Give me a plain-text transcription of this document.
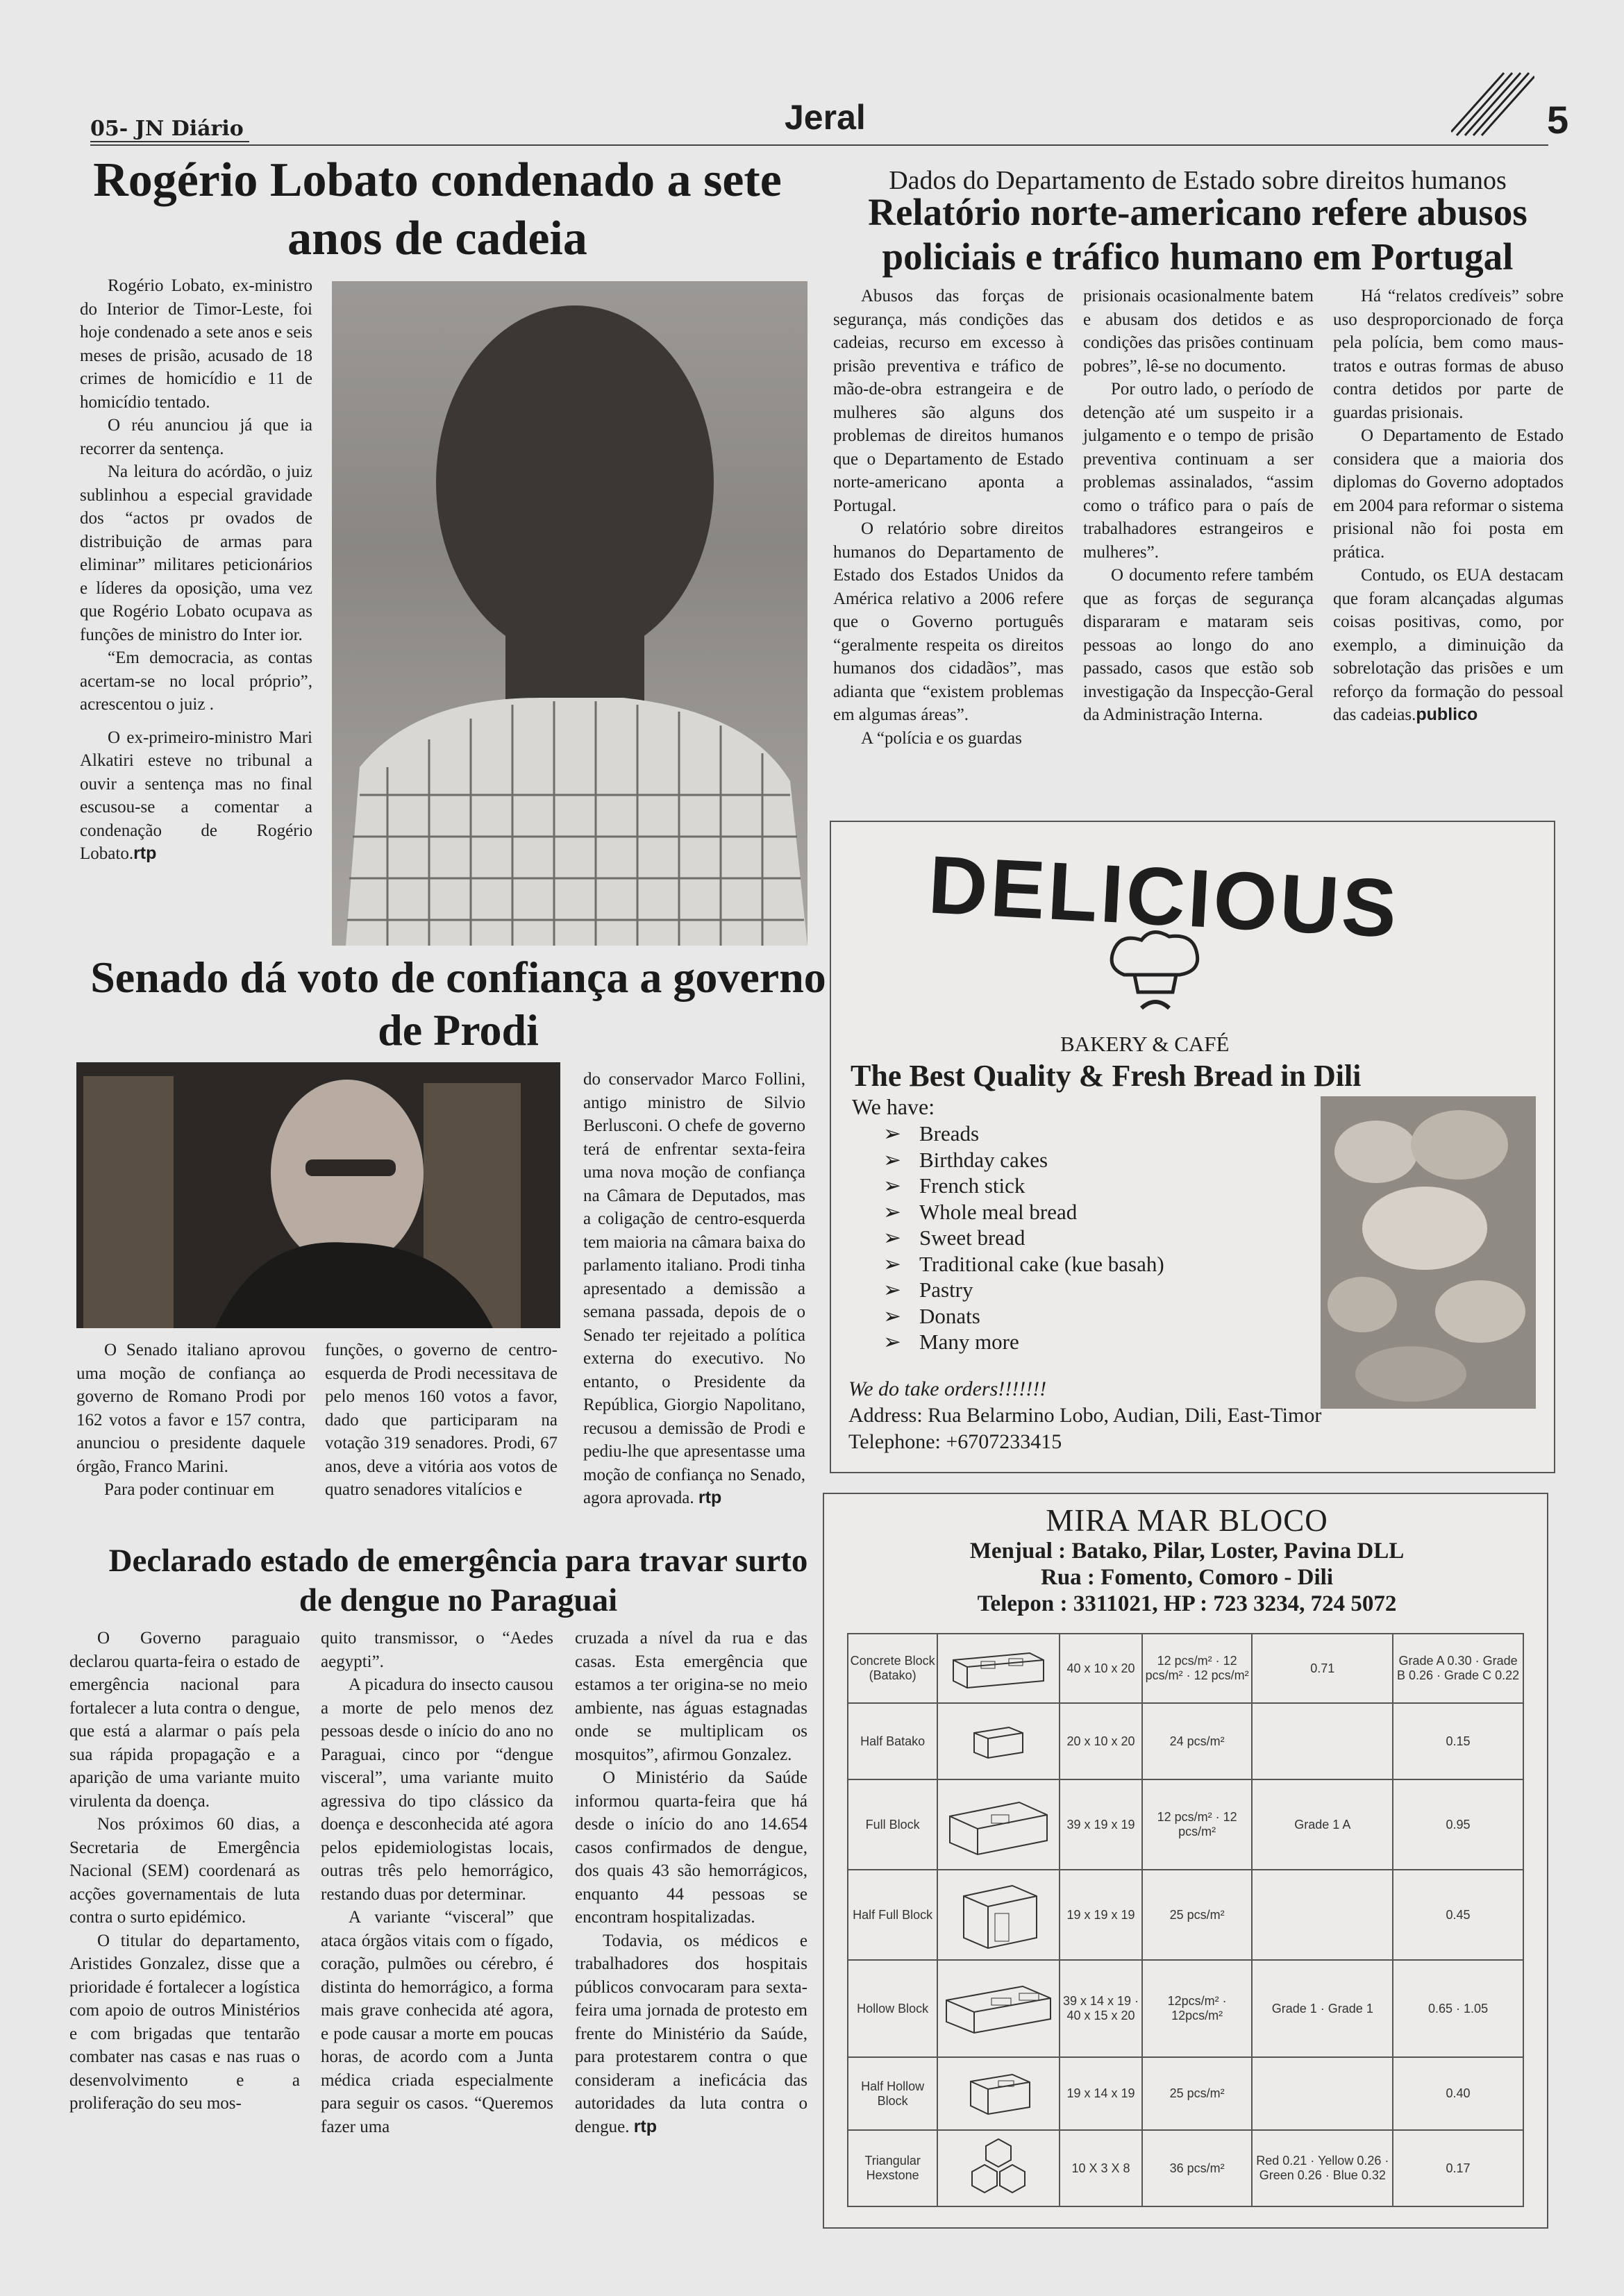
05- JN Diário	Jeral	5
Rogério Lobato condenado a sete anos de cadeia

Rogério Lobato, ex-ministro do Interior de Timor-Leste, foi hoje condenado a sete anos e seis meses de prisão, acusado de 18 crimes de homicídio e 11 de homicídio tentado.

O réu anunciou já que ia recorrer da sentença.

Na leitura do acórdão, o juiz sublinhou a especial gravidade dos “actos pr ovados de distribuição de armas para eliminar” militares peticionários e líderes da oposição, uma vez que Rogério Lobato ocupava as funções de ministro do Inter ior.

“Em democracia, as contas acertam-se no local próprio”, acrescentou o juiz .

O ex-primeiro-ministro Mari Alkatiri esteve no tribunal a ouvir a sentença mas no final escusou-se a comentar a condenação de Rogério Lobato.rtp

Dados do Departamento de Estado sobre direitos humanos
Relatório norte-americano refere abusos policiais e tráfico humano em Portugal

Abusos das forças de segurança, más condições das cadeias, recurso em excesso à prisão preventiva e tráfico de mão-de-obra estrangeira e de mulheres são alguns dos problemas de direitos humanos que o Departamento de Estado norte-americano aponta a Portugal.

O relatório sobre direitos humanos do Departamento de Estado dos Estados Unidos da América relativo a 2006 refere que o Governo português “geralmente respeita os direitos humanos dos cidadãos”, mas adianta que “existem problemas em algumas áreas”.

A “polícia e os guardas

prisionais ocasionalmente batem e abusam dos detidos e as condições das prisões continuam pobres”, lê-se no documento.

Por outro lado, o período de detenção até um suspeito ir a julgamento e o tempo de prisão preventiva continuam a ser problemas assinalados, “assim como o tráfico para o país de trabalhadores estrangeiros e mulheres”.

O documento refere também que as forças de segurança dispararam e mataram seis pessoas ao longo do ano passado, casos que estão sob investigação da Inspecção-Geral da Administração Interna.

Há “relatos credíveis” sobre uso desproporcionado de força pela polícia, bem como maus-tratos e outras formas de abuso contra detidos por parte de guardas prisionais.

O Departamento de Estado considera que a maioria dos diplomas do Governo adoptados em 2004 para reformar o sistema prisional não foi posta em prática.

Contudo, os EUA destacam que foram alcançadas algumas coisas positivas, como, por exemplo, a diminuição da sobrelotação das prisões e um reforço da formação do pessoal das cadeias.publico

Senado dá voto de confiança a governo de Prodi

O Senado italiano aprovou uma moção de confiança ao governo de Romano Prodi por 162 votos a favor e 157 contra, anunciou o presidente daquele órgão, Franco Marini.

Para poder continuar em

funções, o governo de centro-esquerda de Prodi necessitava de pelo menos 160 votos a favor, dado que participaram na votação 319 senadores. Prodi, 67 anos, deve a vitória aos votos de quatro senadores vitalícios e

do conservador Marco Follini, antigo ministro de Silvio Berlusconi. O chefe de governo terá de enfrentar sexta-feira uma nova moção de confiança na Câmara de Deputados, mas a coligação de centro-esquerda tem maioria na câmara baixa do parlamento italiano. Prodi tinha apresentado a demissão a semana passada, depois de o Senado ter rejeitado a política externa do executivo. No entanto, o Presidente da República, Giorgio Napolitano, recusou a demissão de Prodi e pediu-lhe que apresentasse uma moção de confiança no Senado, agora aprovada. rtp

Declarado estado de emergência para travar surto de dengue no Paraguai

O Governo paraguaio declarou quarta-feira o estado de emergência nacional para fortalecer a luta contra o dengue, que está a alarmar o país pela sua rápida propagação e a aparição de uma variante muito virulenta da doença.

Nos próximos 60 dias, a Secretaria de Emergência Nacional (SEM) coordenará as acções governamentais de luta contra o surto epidémico.

O titular do departamento, Aristides Gonzalez, disse que a prioridade é fortalecer a logística com apoio de outros Ministérios e com brigadas que tentarão combater nas casas e nas ruas o desenvolvimento e a proliferação do seu mos-

quito transmissor, o “Aedes aegypti”.

A picadura do insecto causou a morte de pelo menos dez pessoas desde o início do ano no Paraguai, cinco por “dengue visceral”, uma variante muito agressiva do tipo clássico da doença e desconhecida até agora pelos epidemiologistas locais, outras três pelo hemorrágico, restando duas por determinar.

A variante “visceral” que ataca órgãos vitais com o fígado, coração, pulmões ou cérebro, é distinta do hemorrágico, a forma mais grave conhecida até agora, e pode causar a morte em poucas horas, de acordo com a Junta médica criada especialmente para seguir os casos. “Queremos fazer uma

cruzada a nível da rua e das casas. Esta emergência que estamos a ter origina-se no meio ambiente, nas águas estagnadas onde se multiplicam os mosquitos”, afirmou Gonzalez.

O Ministério da Saúde informou quarta-feira que há desde o início do ano 14.654 casos confirmados de dengue, dos quais 43 são hemorrágicos, enquanto 44 pessoas se encontram hospitalizadas.

Todavia, os médicos e trabalhadores dos hospitais públicos convocaram para sexta-feira uma jornada de protesto em frente do Ministério da Saúde, para protestarem contra o que consideram a ineficácia das autoridades da luta contra o dengue. rtp

DELICIOUS
BAKERY & CAFÉ
The Best Quality & Fresh Bread in Dili
We have:
➢ Breads
➢ Birthday cakes
➢ French stick
➢ Whole meal bread
➢ Sweet bread
➢ Traditional cake (kue basah)
➢ Pastry
➢ Donats
➢ Many more
We do take orders!!!!!!!
Address: Rua Belarmino Lobo, Audian, Dili, East-Timor
Telephone: +6707233415
MIRA MAR BLOCO
Menjual : Batako, Pilar, Loster, Pavina DLL
Rua : Fomento, Comoro - Dili
Telepon : 3311021, HP : 723 3234, 724 5072
Concrete Block (Batako)		40 x 10 x 20	12 pcs/m² · 12 pcs/m² · 12 pcs/m²	0.71	Grade A 0.30 · Grade B 0.26 · Grade C 0.22
Half Batako		20 x 10 x 20	24 pcs/m²		0.15
Full Block		39 x 19 x 19	12 pcs/m² · 12 pcs/m²	Grade 1 A	0.95
Half Full Block		19 x 19 x 19	25 pcs/m²		0.45
Hollow Block		39 x 14 x 19 · 40 x 15 x 20	12pcs/m² · 12pcs/m²	Grade 1 · Grade 1	0.65 · 1.05
Half Hollow Block		19 x 14 x 19	25 pcs/m²		0.40
Triangular Hexstone		10 X 3 X 8	36 pcs/m²	Red 0.21 · Yellow 0.26 · Green 0.26 · Blue 0.32	0.17
